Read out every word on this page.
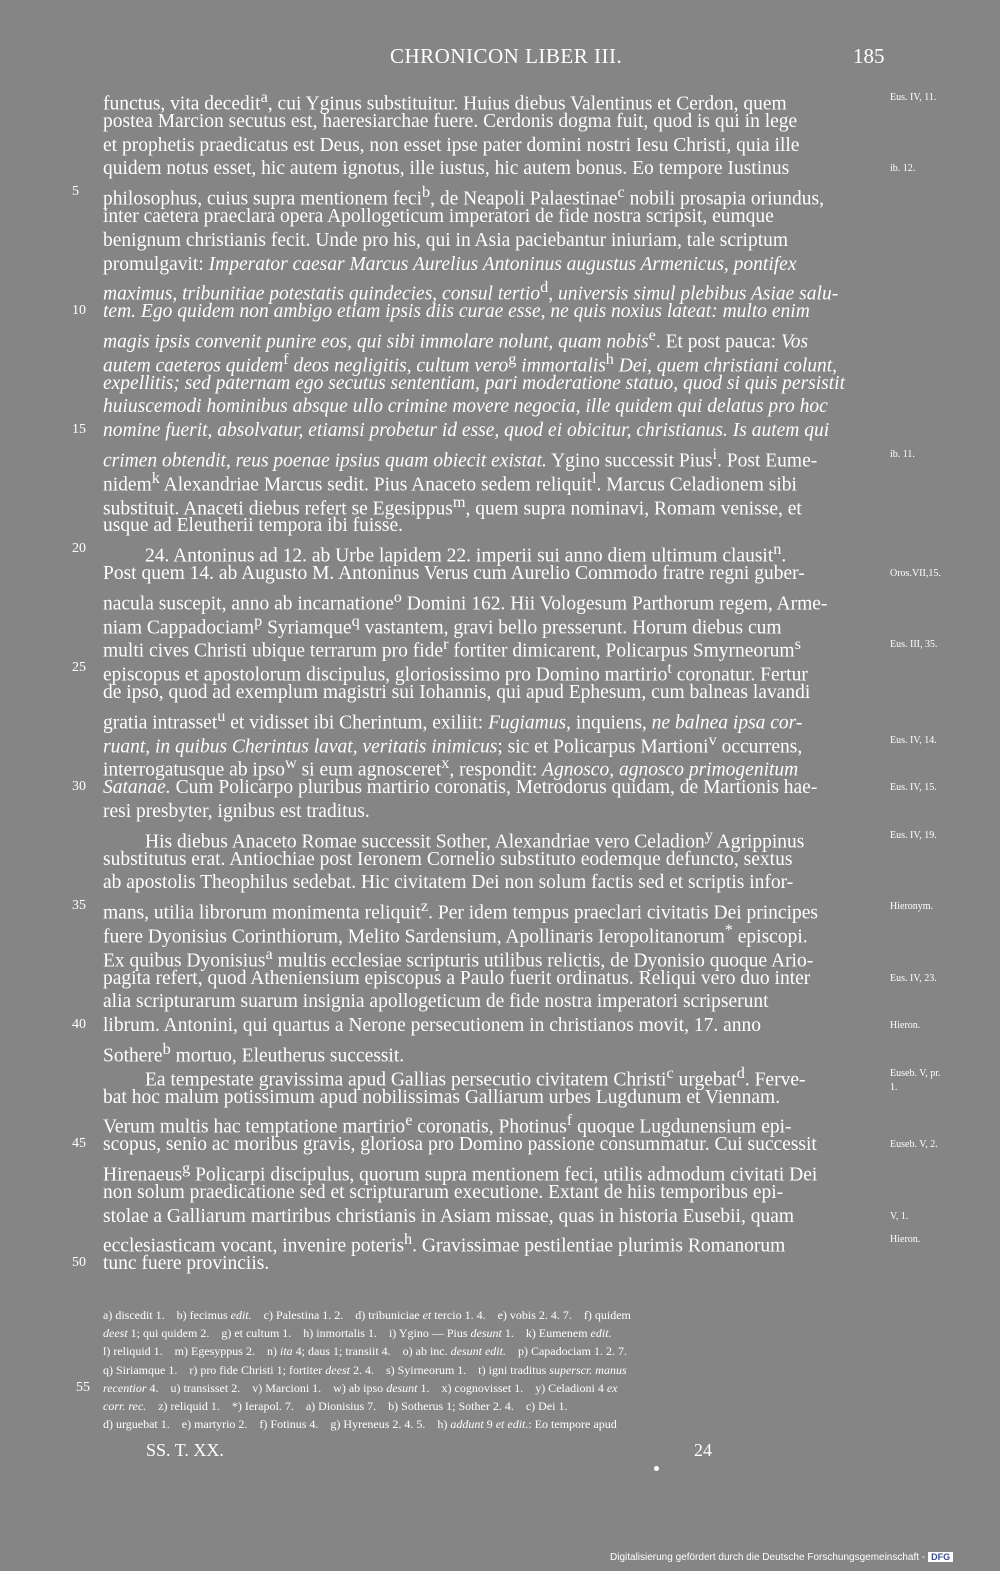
CHRONICON LIBER III.	185
functus, vita decedit$^a$, cui Yginus substituitur. Huius diebus Valentinus et Cerdon, quem
postea Marcion secutus est, haeresiarchae fuere. Cerdonis dogma fuit, quod is qui in lege
et prophetis praedicatus est Deus, non esset ipse pater domini nostri Iesu Christi, quia ille
quidem notus esset, hic autem ignotus, ille iustus, hic autem bonus. Eo tempore Iustinus
philosophus, cuius supra mentionem feci$^b$, de Neapoli Palaestinae$^c$ nobili prosapia oriundus,
inter caetera praeclara opera Apollogeticum imperatori de fide nostra scripsit, eumque
benignum christianis fecit. Unde pro his, qui in Asia paciebantur iniuriam, tale scriptum
promulgavit: Imperator caesar Marcus Aurelius Antoninus augustus Armenicus, pontifex
maximus, tribunitiae potestatis quindecies, consul tertio$^d$, universis simul plebibus Asiae salu-
tem. Ego quidem non ambigo etiam ipsis diis curae esse, ne quis noxius lateat: multo enim
magis ipsis convenit punire eos, qui sibi immolare nolunt, quam nobis$^e$. Et post pauca: Vos
autem caeteros quidem$^f$ deos negligitis, cultum vero$^g$ immortalis$^h$ Dei, quem christiani colunt,
expellitis; sed paternam ego secutus sententiam, pari moderatione statuo, quod si quis persistit
huiuscemodi hominibus absque ullo crimine movere negocia, ille quidem qui delatus pro hoc
nomine fuerit, absolvatur, etiamsi probetur id esse, quod ei obicitur, christianus. Is autem qui
crimen obtendit, reus poenae ipsius quam obiecit existat. Ygino successit Pius$^i$. Post Eume-
nidem$^k$ Alexandriae Marcus sedit. Pius Anaceto sedem reliquit$^l$. Marcus Celadionem sibi
substituit. Anaceti diebus refert se Egesippus$^m$, quem supra nominavi, Romam venisse, et
usque ad Eleutherii tempora ibi fuisse.
24. Antoninus ad 12. ab Urbe lapidem 22. imperii sui anno diem ultimum clausit$^n$.
Post quem 14. ab Augusto M. Antoninus Verus cum Aurelio Commodo fratre regni guber-
nacula suscepit, anno ab incarnatione$^o$ Domini 162. Hii Vologesum Parthorum regem, Arme-
niam Cappadociam$^p$ Syriamque$^q$ vastantem, gravi bello presserunt. Horum diebus cum
multi cives Christi ubique terrarum pro fide$^r$ fortiter dimicarent, Policarpus Smyrneorum$^s$
episcopus et apostolorum discipulus, gloriosissimo pro Domino martirio$^t$ coronatur. Fertur
de ipso, quod ad exemplum magistri sui Iohannis, qui apud Ephesum, cum balneas lavandi
gratia intrasset$^u$ et vidisset ibi Cherintum, exiliit: Fugiamus, inquiens, ne balnea ipsa cor-
ruant, in quibus Cherintus lavat, veritatis inimicus; sic et Policarpus Martioni$^v$ occurrens,
interrogatusque ab ipso$^w$ si eum agnosceret$^x$, respondit: Agnosco, agnosco primogenitum
Satanae. Cum Policarpo pluribus martirio coronatis, Metrodorus quidam, de Martionis hae-
resi presbyter, ignibus est traditus.
His diebus Anaceto Romae successit Sother, Alexandriae vero Celadion$^y$ Agrippinus
substitutus erat. Antiochiae post Ieronem Cornelio substituto eodemque defuncto, sextus
ab apostolis Theophilus sedebat. Hic civitatem Dei non solum factis sed et scriptis infor-
mans, utilia librorum monimenta reliquit$^z$. Per idem tempus praeclari civitatis Dei principes
fuere Dyonisius Corinthiorum, Melito Sardensium, Apollinaris Ieropolitanorum* episcopi.
Ex quibus Dyonisius$^a$ multis ecclesiae scripturis utilibus relictis, de Dyonisio quoque Ario-
pagita refert, quod Atheniensium episcopus a Paulo fuerit ordinatus. Reliqui vero duo inter
alia scripturarum suarum insignia apollogeticum de fide nostra imperatori scripserunt
librum. Antonini, qui quartus a Nerone persecutionem in christianos movit, 17. anno
Sothere$^b$ mortuo, Eleutherus successit.
Ea tempestate gravissima apud Gallias persecutio civitatem Christi$^c$ urgebat$^d$. Ferve-
bat hoc malum potissimum apud nobilissimas Galliarum urbes Lugdunum et Viennam.
Verum multis hac temptatione martirio$^e$ coronatis, Photinus$^f$ quoque Lugdunensium epi-
scopus, senio ac moribus gravis, gloriosa pro Domino passione consummatur. Cui successit
Hirenaeus$^g$ Policarpi discipulus, quorum supra mentionem feci, utilis admodum civitati Dei
non solum praedicatione sed et scripturarum executione. Extant de hiis temporibus epi-
stolae a Galliarum martiribus christianis in Asiam missae, quas in historia Eusebii, quam
ecclesiasticam vocant, invenire poteris$^h$. Gravissimae pestilentiae plurimis Romanorum
tunc fuere provinciis.
5
10
15
20
25
30
35
40
45
50
Eus. IV, 11.
ib. 12.
ib. 11.
Oros.VII,15.
Eus. III, 35.
Eus. IV, 14.
Eus. IV, 15.
Eus. IV, 19.
Hieronym.
Eus. IV, 23.
Hieron.
Euseb. V, pr.
1.
Euseb. V, 2.
V, 1.
Hieron.
a) discedit 1.    b) fecimus edit.    c) Palestina 1. 2.    d) tribuniciae et tercio 1. 4.    e) vobis 2. 4. 7.    f) quidem
deest 1; qui quidem 2.    g) et cultum 1.    h) inmortalis 1.    i) Ygino — Pius desunt 1.    k) Eumenem edit.
l) reliquid 1.    m) Egesyppus 2.    n) ita 4; daus 1; transiit 4.    o) ab inc. desunt edit.    p) Capadociam 1. 2. 7.
q) Siriamque 1.    r) pro fide Christi 1; fortiter deest 2. 4.    s) Syirneorum 1.    t) igni traditus superscr. manus
recentior 4.    u) transisset 2.    v) Marcioni 1.    w) ab ipso desunt 1.    x) cognovisset 1.    y) Celadioni 4 ex
corr. rec.    z) reliquid 1.    *) Ierapol. 7.    a) Dionisius 7.    b) Sotherus 1; Sother 2. 4.    c) Dei 1.
d) urguebat 1.    e) martyrio 2.    f) Fotinus 4.    g) Hyreneus 2. 4. 5.    h) addunt 9 et edit.: Eo tempore apud
55
SS. T. XX.	24
Digitalisierung gefördert durch die Deutsche Forschungsgemeinschaft - DFG
